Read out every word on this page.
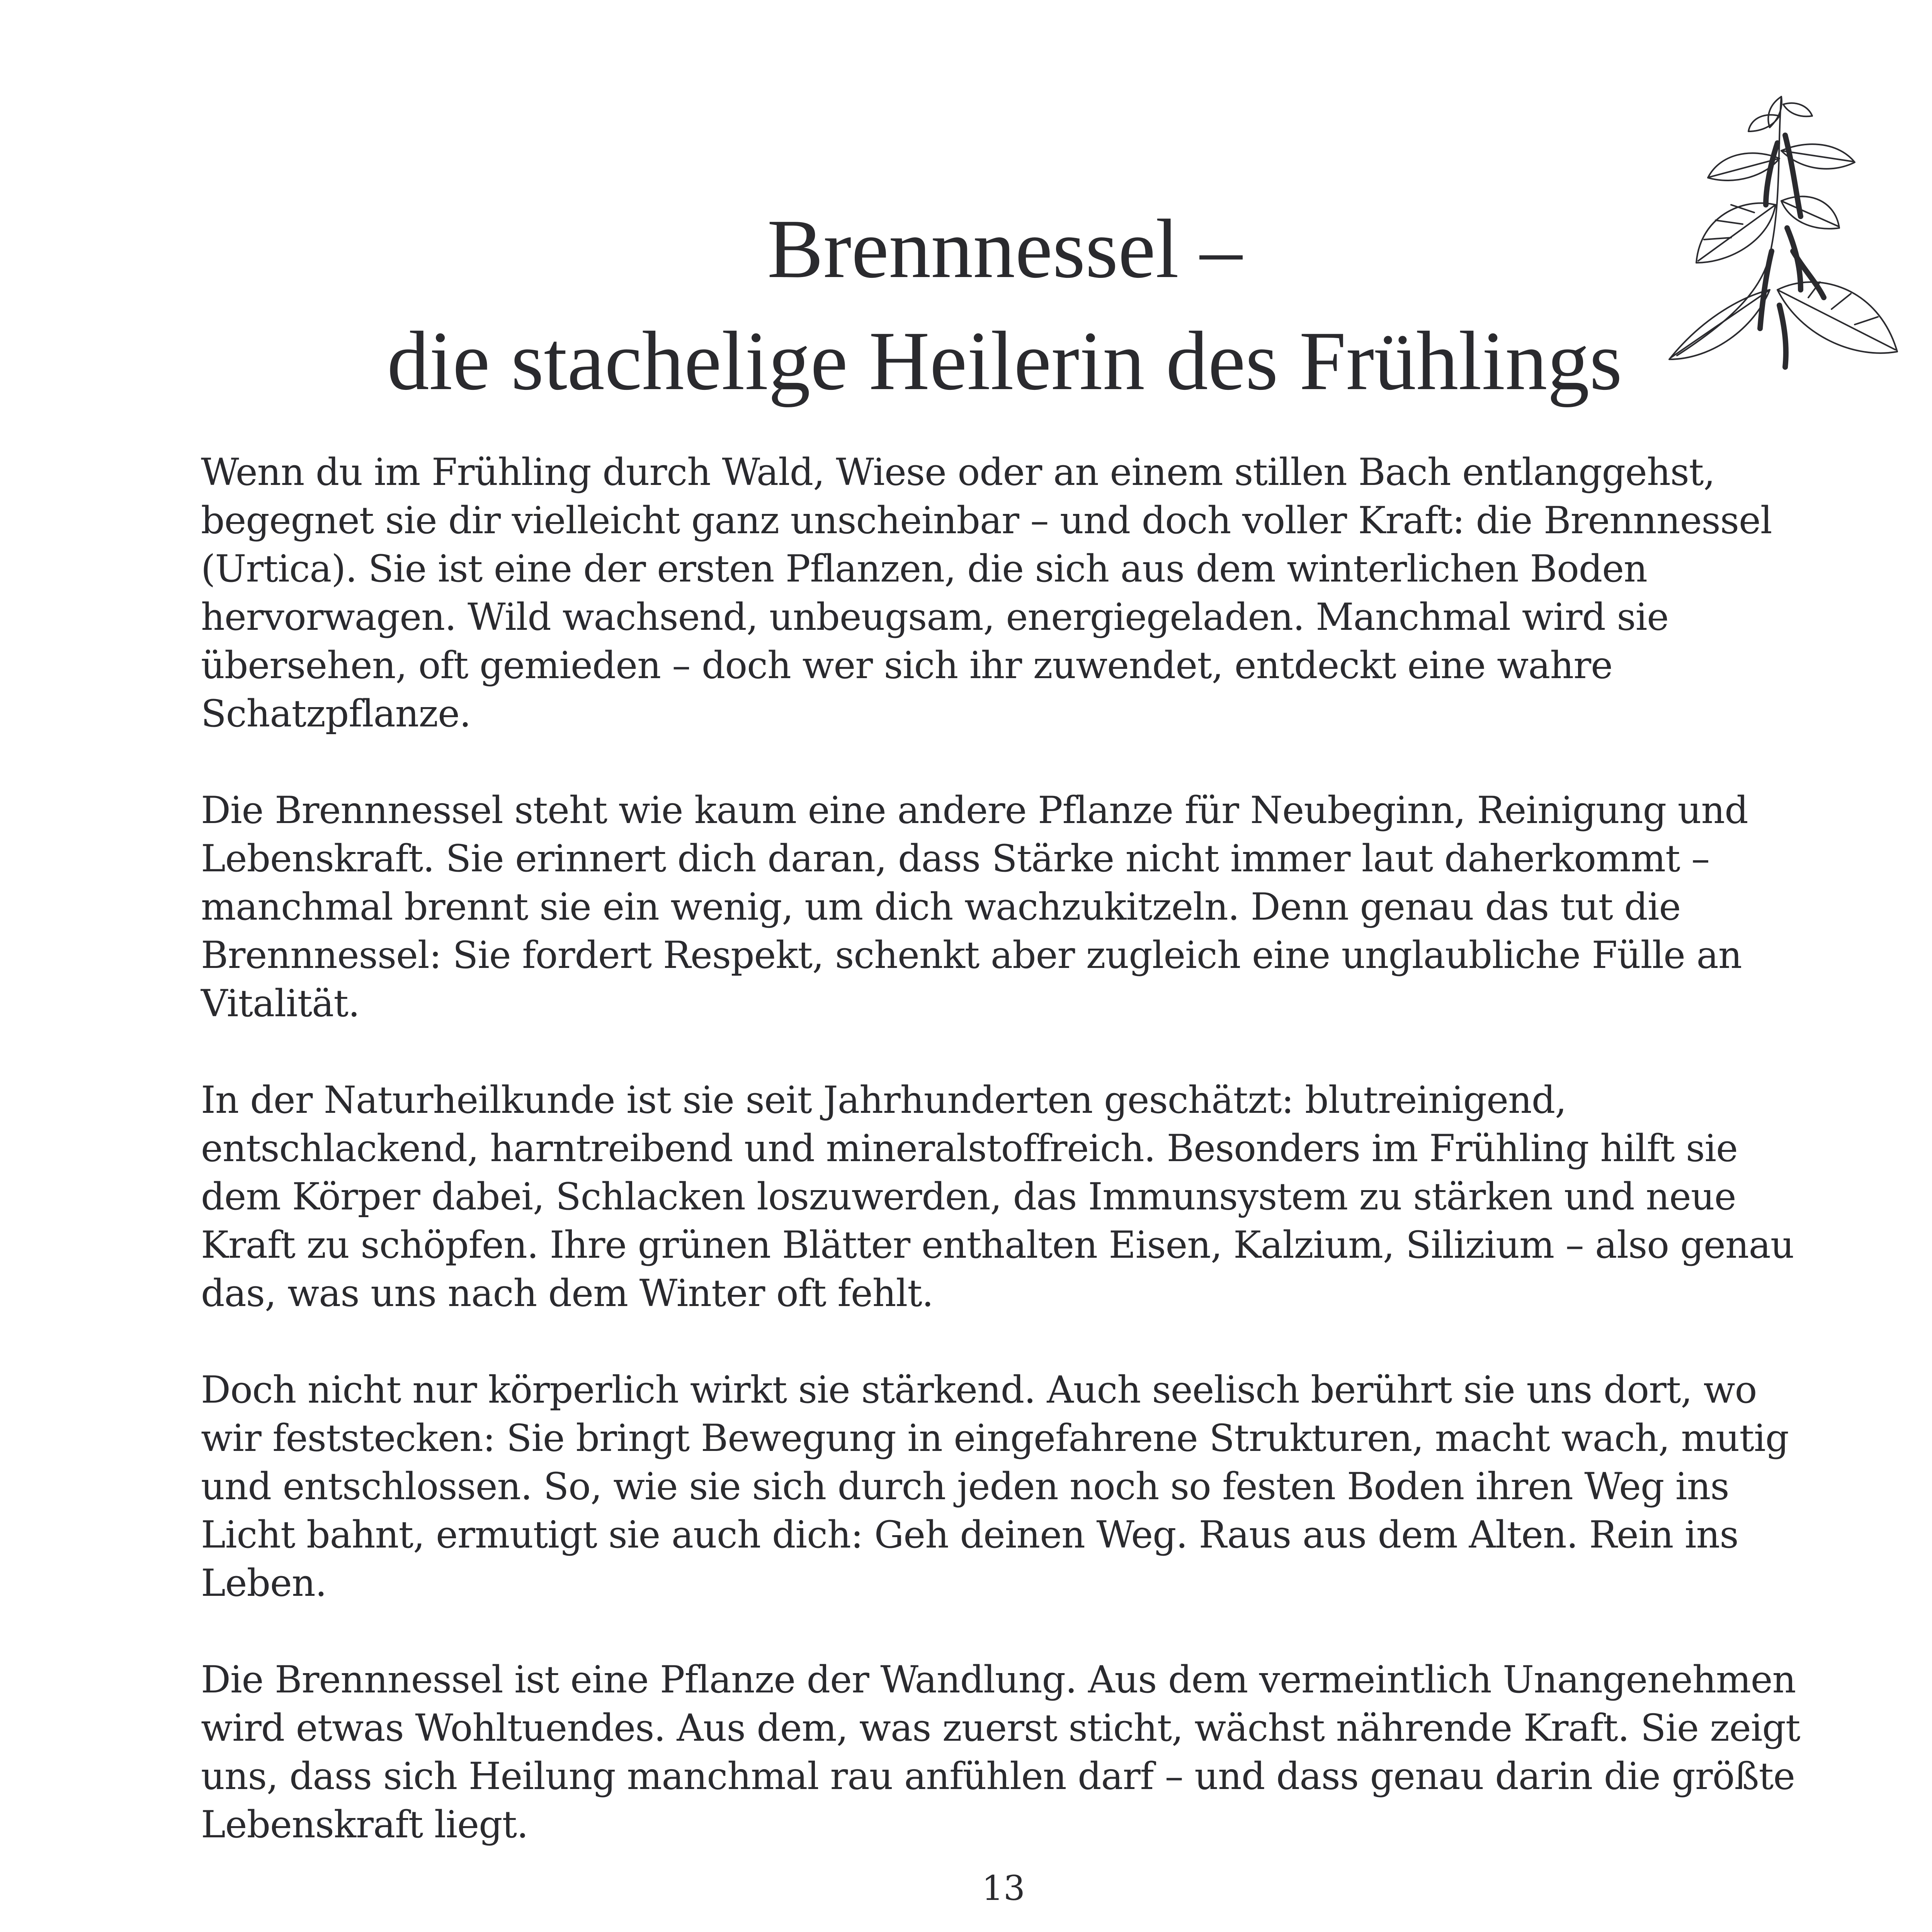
Brennnessel –
die stachelige Heilerin des Frühlings

Wenn du im Frühling durch Wald, Wiese oder an einem stillen Bach entlanggehst, begegnet sie dir vielleicht ganz unscheinbar – und doch voller Kraft: die Brennnessel (Urtica). Sie ist eine der ersten Pflanzen, die sich aus dem winterlichen Boden hervorwagen. Wild wachsend, unbeugsam, energiegeladen. Manchmal wird sie übersehen, oft gemieden – doch wer sich ihr zuwendet, entdeckt eine wahre Schatzpflanze.

Die Brennnessel steht wie kaum eine andere Pflanze für Neubeginn, Reinigung und Lebenskraft. Sie erinnert dich daran, dass Stärke nicht immer laut daherkommt – manchmal brennt sie ein wenig, um dich wachzukitzeln. Denn genau das tut die Brennnessel: Sie fordert Respekt, schenkt aber zugleich eine unglaubliche Fülle an Vitalität.

In der Naturheilkunde ist sie seit Jahrhunderten geschätzt: blutreinigend, entschlackend, harntreibend und mineralstoffreich. Besonders im Frühling hilft sie dem Körper dabei, Schlacken loszuwerden, das Immunsystem zu stärken und neue Kraft zu schöpfen. Ihre grünen Blätter enthalten Eisen, Kalzium, Silizium – also genau das, was uns nach dem Winter oft fehlt.

Doch nicht nur körperlich wirkt sie stärkend. Auch seelisch berührt sie uns dort, wo wir feststecken: Sie bringt Bewegung in eingefahrene Strukturen, macht wach, mutig und entschlossen. So, wie sie sich durch jeden noch so festen Boden ihren Weg ins Licht bahnt, ermutigt sie auch dich: Geh deinen Weg. Raus aus dem Alten. Rein ins Leben.

Die Brennnessel ist eine Pflanze der Wandlung. Aus dem vermeintlich Unangenehmen wird etwas Wohltuendes. Aus dem, was zuerst sticht, wächst nährende Kraft. Sie zeigt uns, dass sich Heilung manchmal rau anfühlen darf – und dass genau darin die größte Lebenskraft liegt.

13
